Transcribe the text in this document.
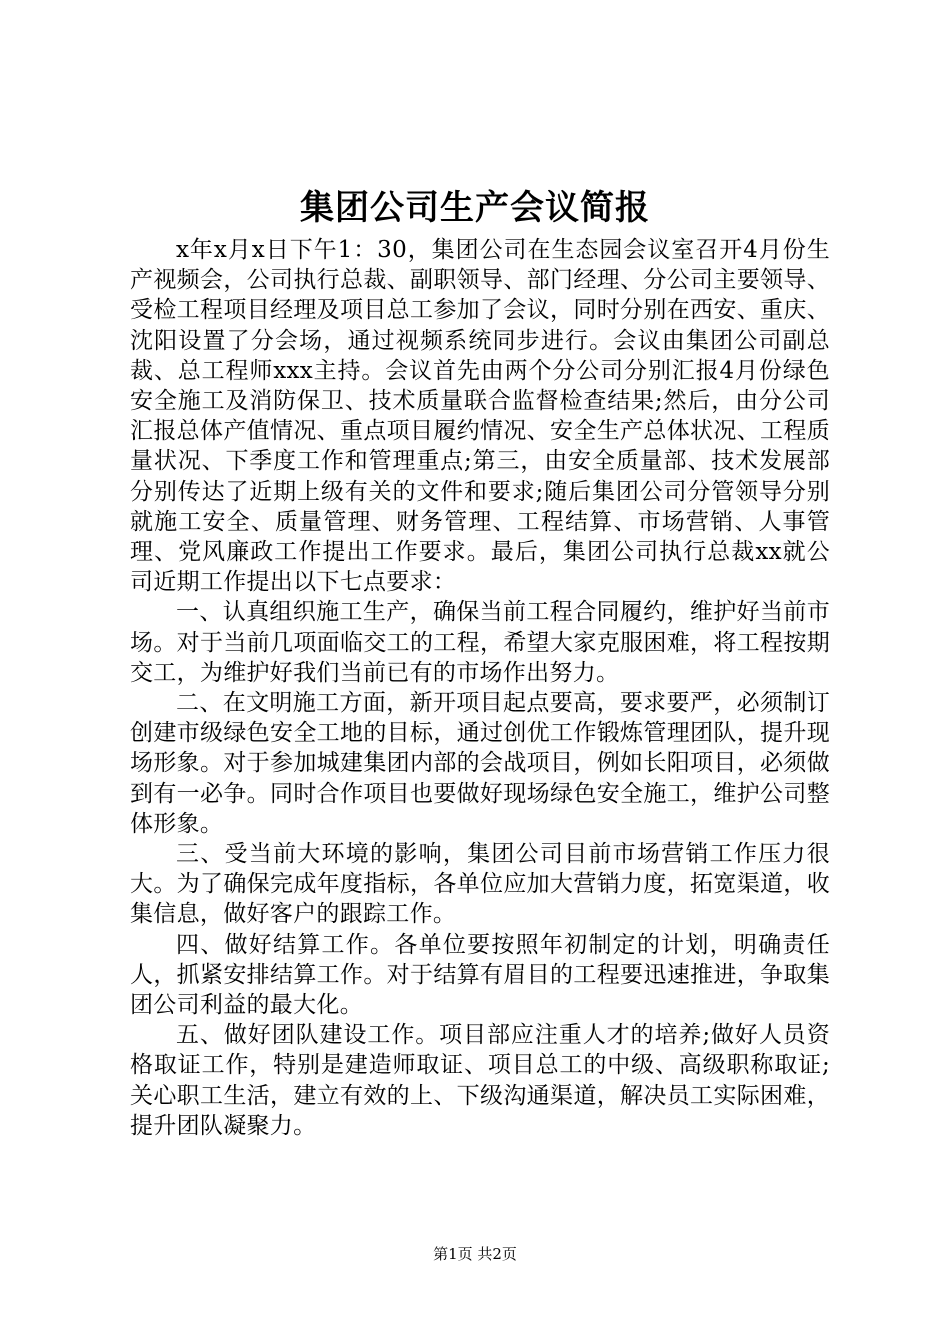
集团公司生产会议简报

x年x月x日下午1：30，集团公司在生态园会议室召开4月份生产视频会，公司执行总裁、副职领导、部门经理、分公司主要领导、受检工程项目经理及项目总工参加了会议，同时分别在西安、重庆、沈阳设置了分会场，通过视频系统同步进行。会议由集团公司副总裁、总工程师xxx主持。会议首先由两个分公司分别汇报4月份绿色安全施工及消防保卫、技术质量联合监督检查结果;然后，由分公司汇报总体产值情况、重点项目履约情况、安全生产总体状况、工程质量状况、下季度工作和管理重点;第三，由安全质量部、技术发展部分别传达了近期上级有关的文件和要求;随后集团公司分管领导分别就施工安全、质量管理、财务管理、工程结算、市场营销、人事管理、党风廉政工作提出工作要求。最后，集团公司执行总裁xx就公司近期工作提出以下七点要求：

一、认真组织施工生产，确保当前工程合同履约，维护好当前市场。对于当前几项面临交工的工程，希望大家克服困难，将工程按期交工，为维护好我们当前已有的市场作出努力。

二、在文明施工方面，新开项目起点要高，要求要严，必须制订创建市级绿色安全工地的目标，通过创优工作锻炼管理团队，提升现场形象。对于参加城建集团内部的会战项目，例如长阳项目，必须做到有一必争。同时合作项目也要做好现场绿色安全施工，维护公司整体形象。

三、受当前大环境的影响，集团公司目前市场营销工作压力很大。为了确保完成年度指标，各单位应加大营销力度，拓宽渠道，收集信息，做好客户的跟踪工作。

四、做好结算工作。各单位要按照年初制定的计划，明确责任人，抓紧安排结算工作。对于结算有眉目的工程要迅速推进，争取集团公司利益的最大化。

五、做好团队建设工作。项目部应注重人才的培养;做好人员资格取证工作，特别是建造师取证、项目总工的中级、高级职称取证;关心职工生活，建立有效的上、下级沟通渠道，解决员工实际困难，提升团队凝聚力。

第1页 共2页
